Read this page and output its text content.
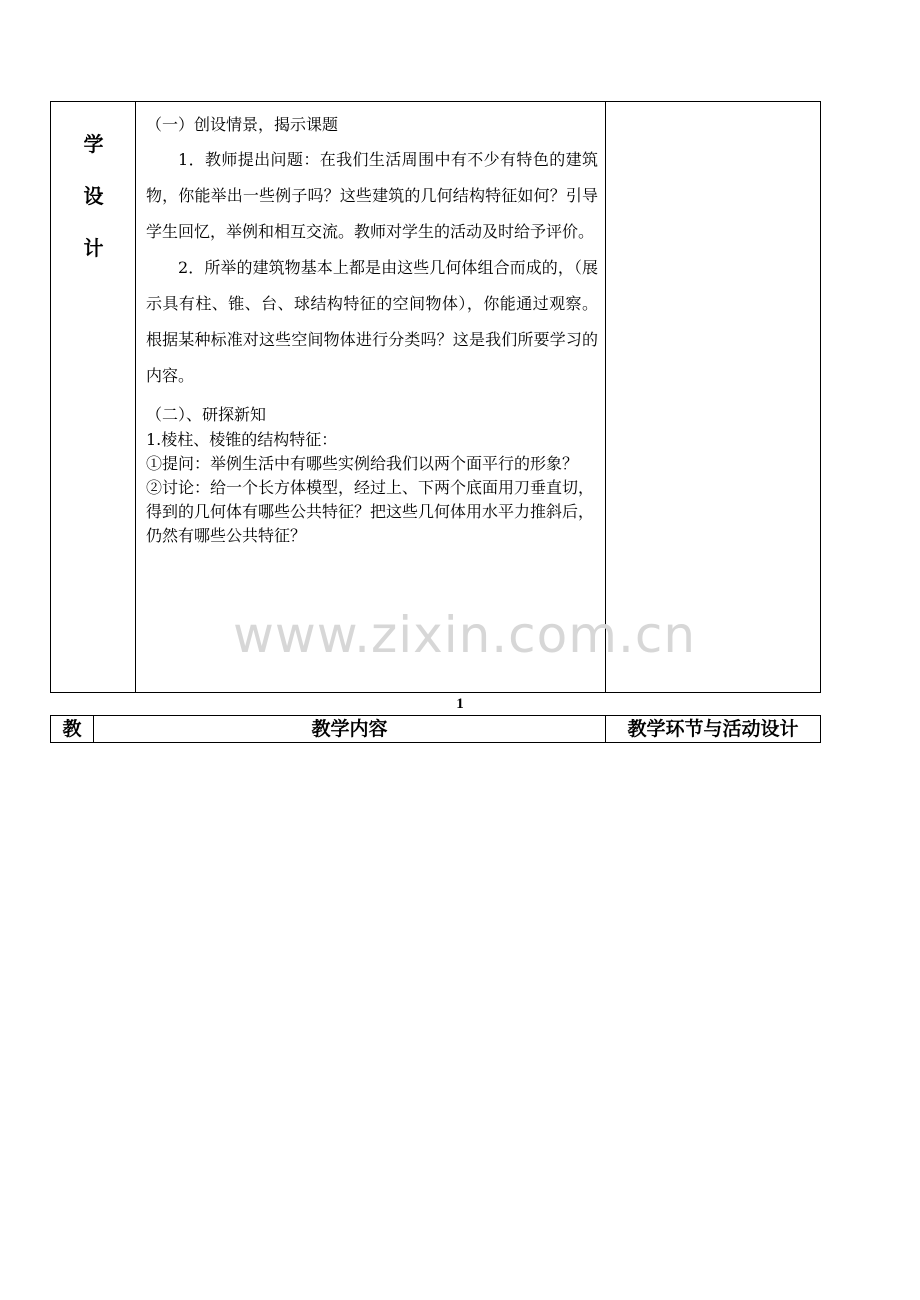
学
设
计

（一）创设情景，揭示课题

1．教师提出问题：在我们生活周围中有不少有特色的建筑物，你能举出一些例子吗？这些建筑的几何结构特征如何？引导学生回忆，举例和相互交流。教师对学生的活动及时给予评价。

2．所举的建筑物基本上都是由这些几何体组合而成的，（展示具有柱、锥、台、球结构特征的空间物体），你能通过观察。根据某种标准对这些空间物体进行分类吗？这是我们所要学习的内容。

（二）、研探新知

1.棱柱、棱锥的结构特征：

①提问：举例生活中有哪些实例给我们以两个面平行的形象？

②讨论：给一个长方体模型，经过上、下两个底面用刀垂直切，得到的几何体有哪些公共特征？把这些几何体用水平力推斜后，仍然有哪些公共特征？

www.zixin.com.cn
1
教	教学内容	教学环节与活动设计
